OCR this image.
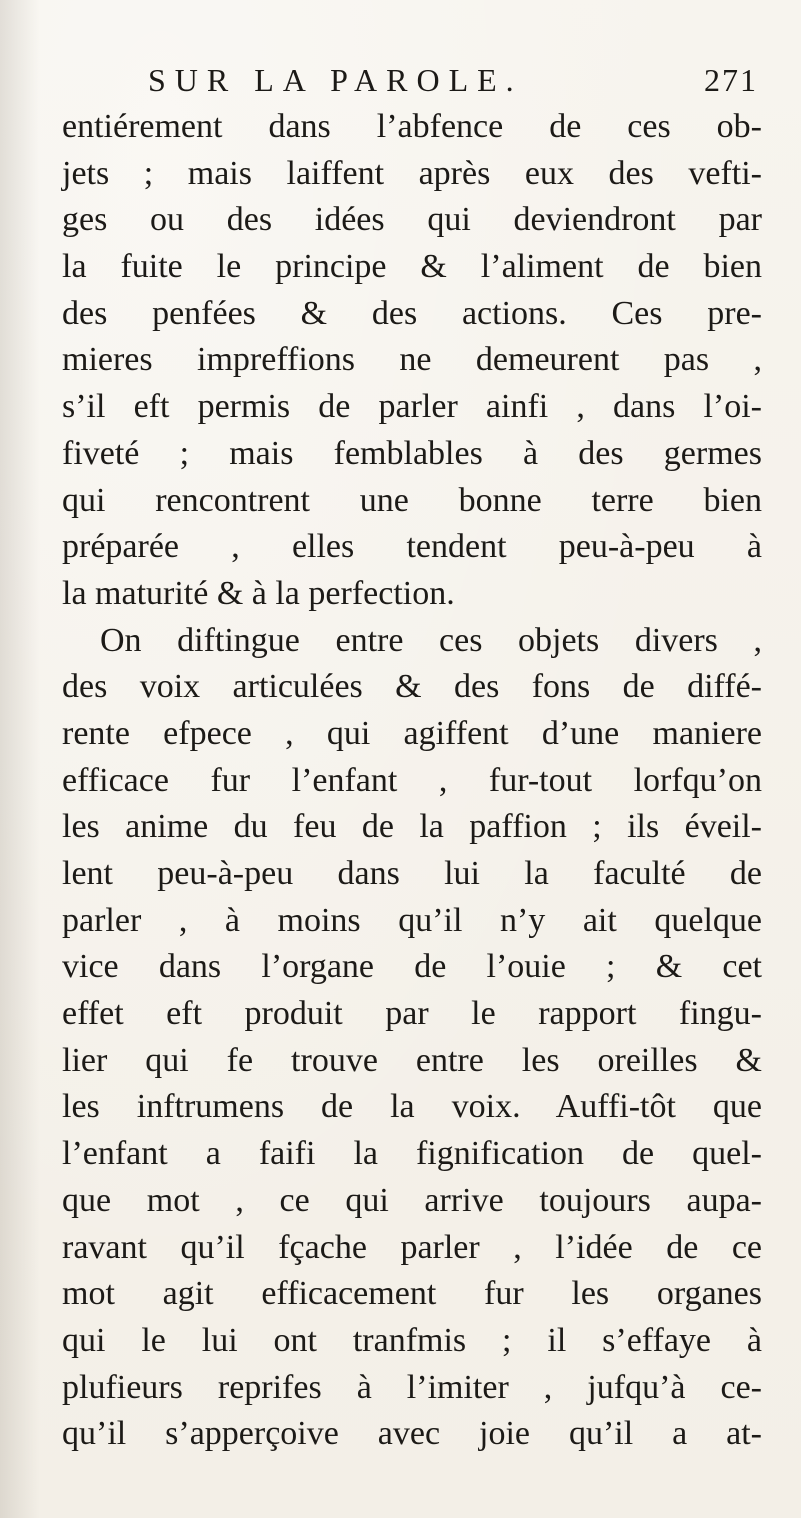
SUR LA PAROLE.	271
entiérement dans l’abfence de ces ob-
jets ; mais laiffent après eux des vefti-
ges ou des idées qui deviendront par
la fuite le principe & l’aliment de bien
des penfées & des actions. Ces pre-
mieres impreffions ne demeurent pas ,
s’il eft permis de parler ainfi , dans l’oi-
fiveté ; mais femblables à des germes
qui rencontrent une bonne terre bien
préparée , elles tendent peu-à-peu à
la maturité & à la perfection.
On diftingue entre ces objets divers ,
des voix articulées & des fons de diffé-
rente efpece , qui agiffent d’une maniere
efficace fur l’enfant , fur-tout lorfqu’on
les anime du feu de la paffion ; ils éveil-
lent peu-à-peu dans lui la faculté de
parler , à moins qu’il n’y ait quelque
vice dans l’organe de l’ouie ; & cet
effet eft produit par le rapport fingu-
lier qui fe trouve entre les oreilles &
les inftrumens de la voix. Auffi-tôt que
l’enfant a faifi la fignification de quel-
que mot , ce qui arrive toujours aupa-
ravant qu’il fçache parler , l’idée de ce
mot agit efficacement fur les organes
qui le lui ont tranfmis ; il s’effaye à
plufieurs reprifes à l’imiter , jufqu’à ce-
qu’il s’apperçoive avec joie qu’il a at-
